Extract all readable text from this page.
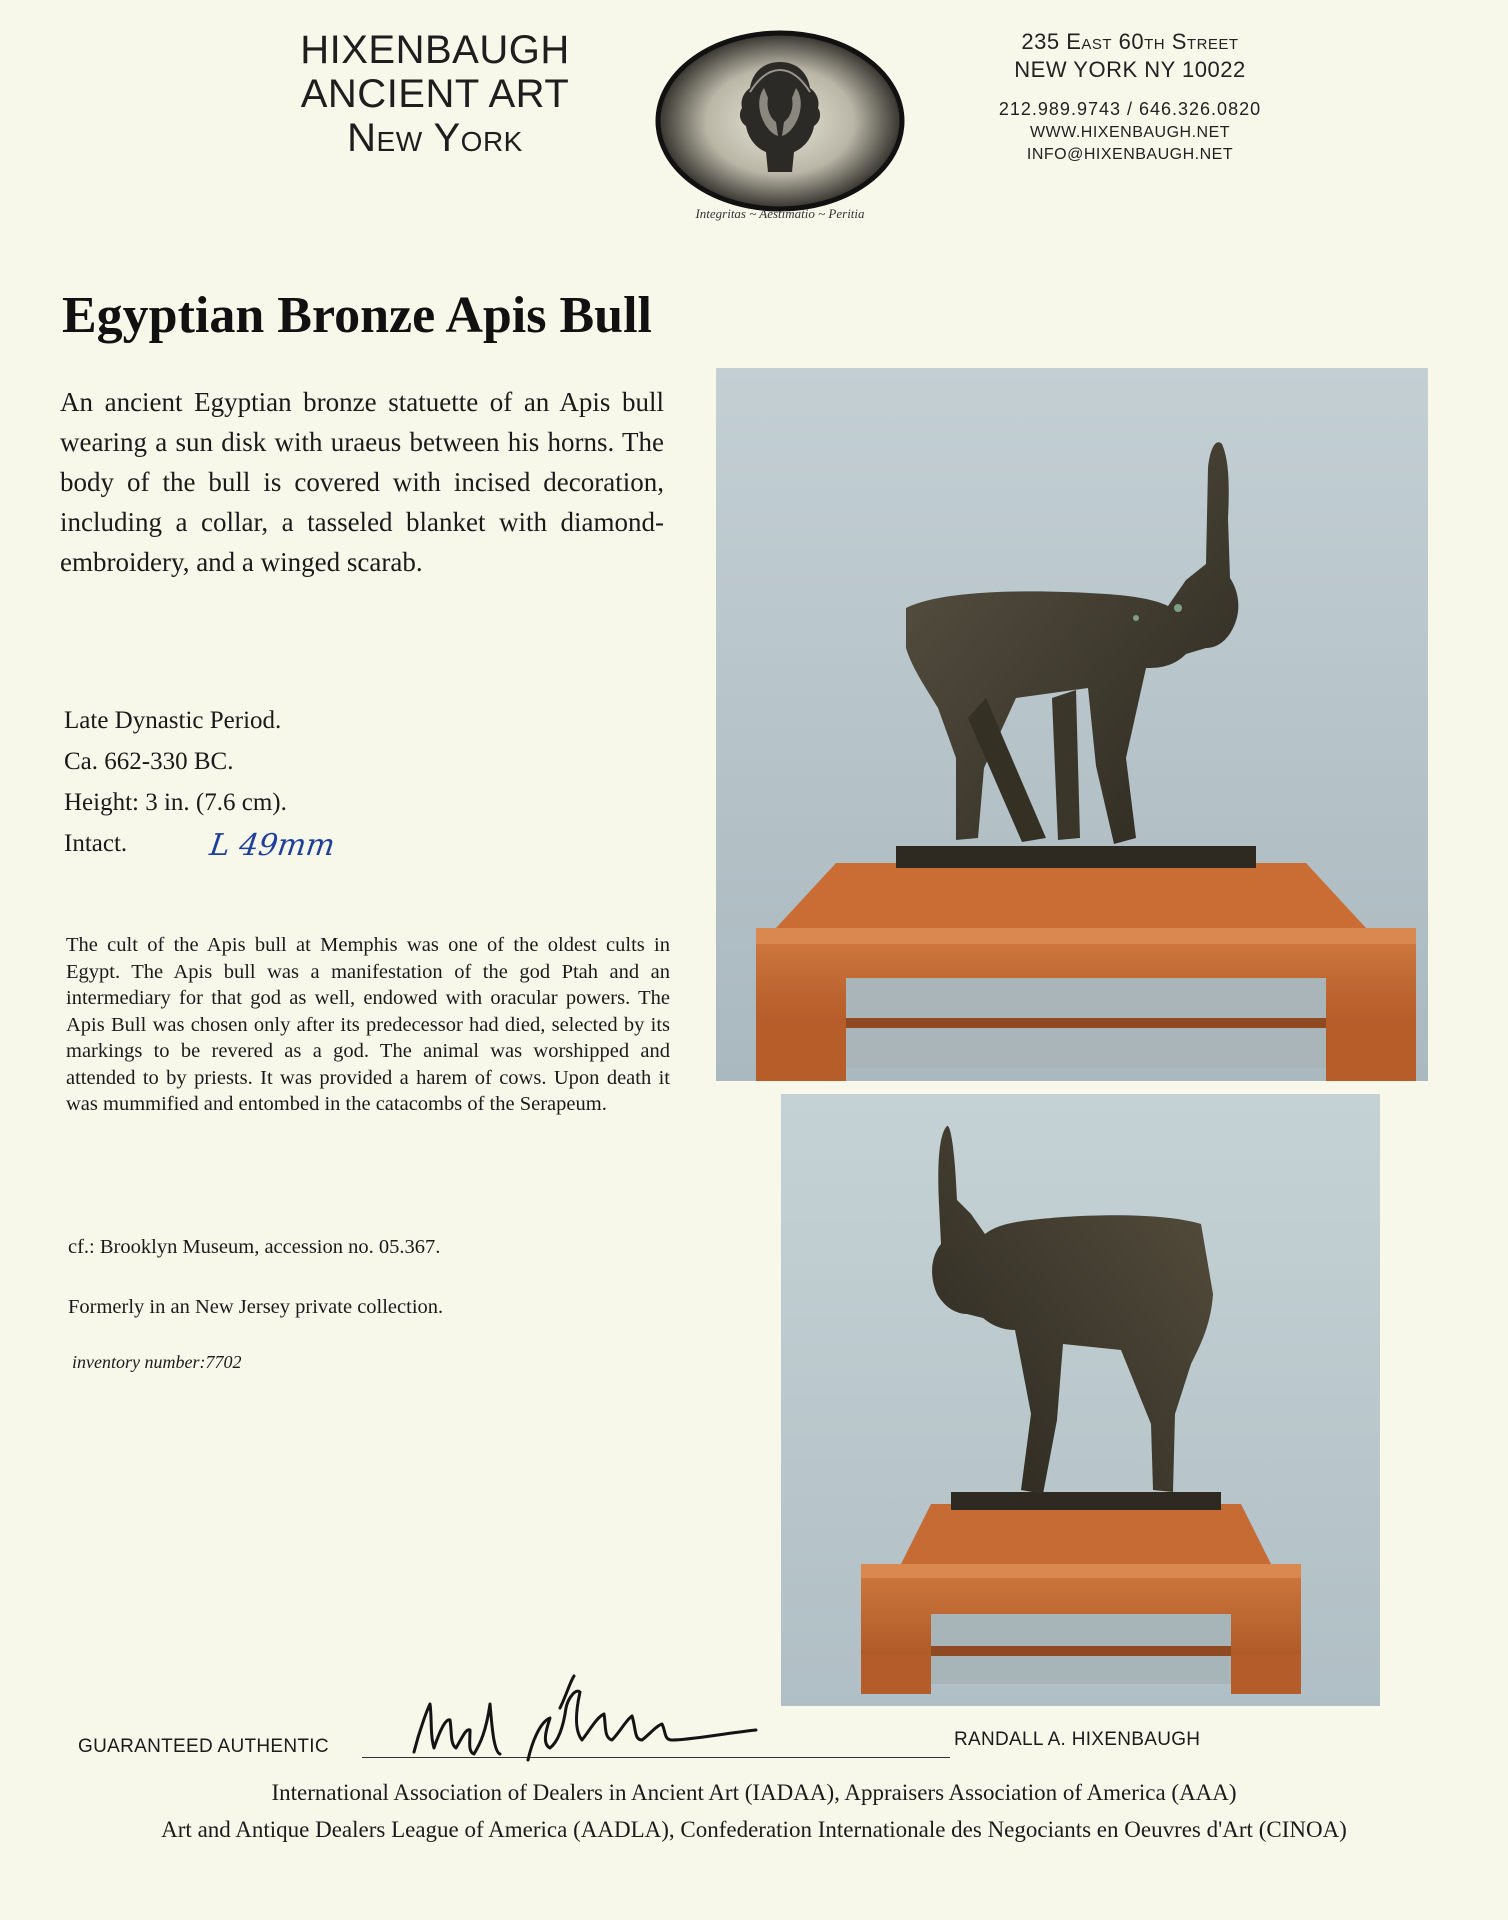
HIXENBAUGH
ANCIENT ART
New York
Integritas ~ Aestimatio ~ Peritia
235 East 60th Street
NEW YORK NY 10022
212.989.9743 / 646.326.0820
WWW.HIXENBAUGH.NET
INFO@HIXENBAUGH.NET
Egyptian Bronze Apis Bull
An ancient Egyptian bronze statuette of an Apis bull wearing a sun disk with uraeus between his horns. The body of the bull is covered with incised decoration, including a collar, a tasseled blanket with diamond-embroidery, and a winged scarab.
Late Dynastic Period.
Ca. 662-330 BC.
Height: 3 in. (7.6 cm).
Intact.	L 49mm
The cult of the Apis bull at Memphis was one of the oldest cults in Egypt. The Apis bull was a manifestation of the god Ptah and an intermediary for that god as well, endowed with oracular powers. The Apis Bull was chosen only after its predecessor had died, selected by its markings to be revered as a god. The animal was worshipped and attended to by priests. It was provided a harem of cows. Upon death it was mummified and entombed in the catacombs of the Serapeum.
cf.: Brooklyn Museum, accession no. 05.367.
Formerly in an New Jersey private collection.
inventory number:7702
GUARANTEED AUTHENTIC	RANDALL A. HIXENBAUGH
International Association of Dealers in Ancient Art (IADAA), Appraisers Association of America (AAA)
Art and Antique Dealers League of America (AADLA), Confederation Internationale des Negociants en Oeuvres d'Art (CINOA)
